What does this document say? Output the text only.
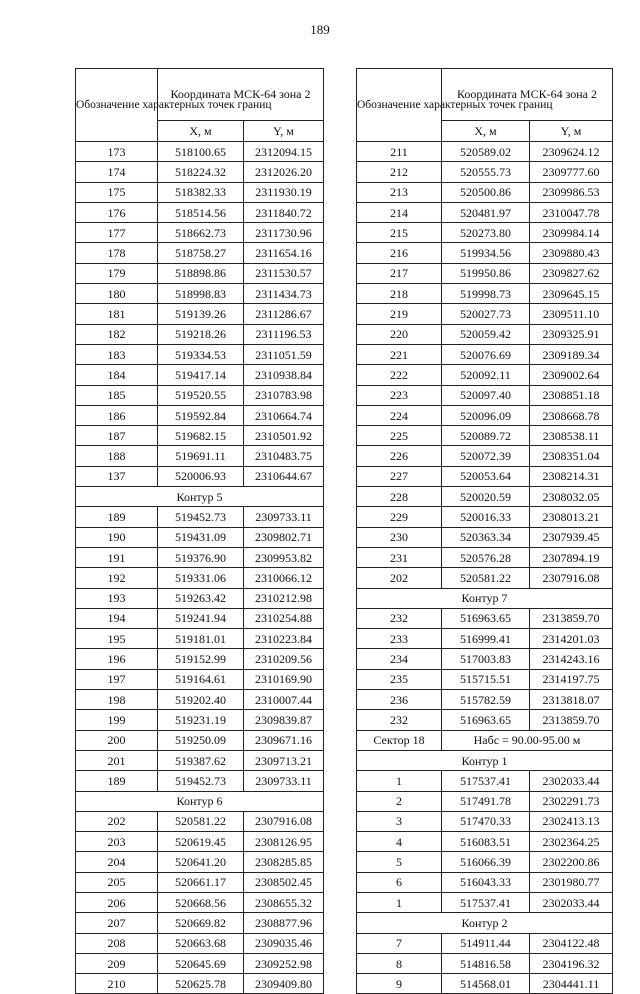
189
Обозначение характерных точек границ	Координата МСК-64 зона 2	
	X, м	Y, м
173	518100.65	2312094.15
174	518224.32	2312026.20
175	518382.33	2311930.19
176	518514.56	2311840.72
177	518662.73	2311730.96
178	518758.27	2311654.16
179	518898.86	2311530.57
180	518998.83	2311434.73
181	519139.26	2311286.67
182	519218.26	2311196.53
183	519334.53	2311051.59
184	519417.14	2310938.84
185	519520.55	2310783.98
186	519592.84	2310664.74
187	519682.15	2310501.92
188	519691.11	2310483.75
137	520006.93	2310644.67
Контур 5		
189	519452.73	2309733.11
190	519431.09	2309802.71
191	519376.90	2309953.82
192	519331.06	2310066.12
193	519263.42	2310212.98
194	519241.94	2310254.88
195	519181.01	2310223.84
196	519152.99	2310209.56
197	519164.61	2310169.90
198	519202.40	2310007.44
199	519231.19	2309839.87
200	519250.09	2309671.16
201	519387.62	2309713.21
189	519452.73	2309733.11
Контур 6		
202	520581.22	2307916.08
203	520619.45	2308126.95
204	520641.20	2308285.85
205	520661.17	2308502.45
206	520668.56	2308655.32
207	520669.82	2308877.96
208	520663.68	2309035.46
209	520645.69	2309252.98
210	520625.78	2309409.80
Обозначение характерных точек границ	Координата МСК-64 зона 2	
	X, м	Y, м
211	520589.02	2309624.12
212	520555.73	2309777.60
213	520500.86	2309986.53
214	520481.97	2310047.78
215	520273.80	2309984.14
216	519934.56	2309880.43
217	519950.86	2309827.62
218	519998.73	2309645.15
219	520027.73	2309511.10
220	520059.42	2309325.91
221	520076.69	2309189.34
222	520092.11	2309002.64
223	520097.40	2308851.18
224	520096.09	2308668.78
225	520089.72	2308538.11
226	520072.39	2308351.04
227	520053.64	2308214.31
228	520020.59	2308032.05
229	520016.33	2308013.21
230	520363.34	2307939.45
231	520576.28	2307894.19
202	520581.22	2307916.08
Контур 7		
232	516963.65	2313859.70
233	516999.41	2314201.03
234	517003.83	2314243.16
235	515715.51	2314197.75
236	515782.59	2313818.07
232	516963.65	2313859.70
Сектор 18	Набс = 90.00-95.00 м	
Контур 1		
1	517537.41	2302033.44
2	517491.78	2302291.73
3	517470.33	2302413.13
4	516083.51	2302364.25
5	516066.39	2302200.86
6	516043.33	2301980.77
1	517537.41	2302033.44
Контур 2		
7	514911.44	2304122.48
8	514816.58	2304196.32
9	514568.01	2304441.11
